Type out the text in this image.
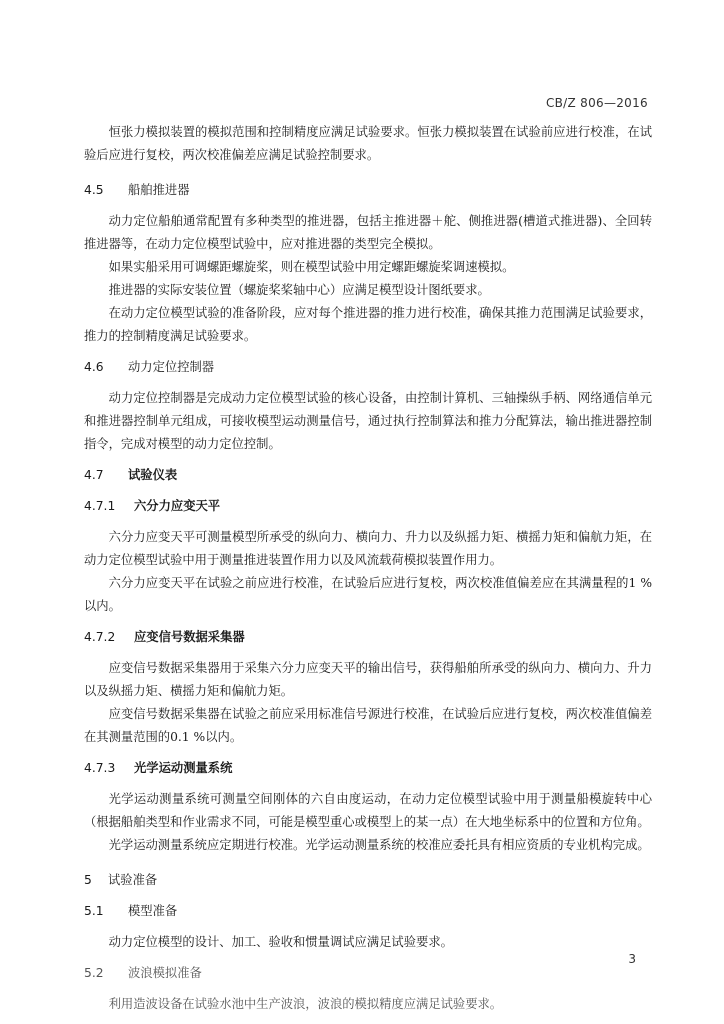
CB/Z 806—2016

恒张力模拟装置的模拟范围和控制精度应满足试验要求。恒张力模拟装置在试验前应进行校准，在试验后应进行复校，两次校准偏差应满足试验控制要求。

4.5 船舶推进器

动力定位船舶通常配置有多种类型的推进器，包括主推进器＋舵、侧推进器(槽道式推进器)、全回转推进器等，在动力定位模型试验中，应对推进器的类型完全模拟。

如果实船采用可调螺距螺旋桨，则在模型试验中用定螺距螺旋桨调速模拟。

推进器的实际安装位置（螺旋桨桨轴中心）应满足模型设计图纸要求。

在动力定位模型试验的准备阶段，应对每个推进器的推力进行校准，确保其推力范围满足试验要求，推力的控制精度满足试验要求。

4.6 动力定位控制器

动力定位控制器是完成动力定位模型试验的核心设备，由控制计算机、三轴操纵手柄、网络通信单元和推进器控制单元组成，可接收模型运动测量信号，通过执行控制算法和推力分配算法，输出推进器控制指令，完成对模型的动力定位控制。

4.7 试验仪表
4.7.1 六分力应变天平

六分力应变天平可测量模型所承受的纵向力、横向力、升力以及纵摇力矩、横摇力矩和偏航力矩，在动力定位模型试验中用于测量推进装置作用力以及风流载荷模拟装置作用力。

六分力应变天平在试验之前应进行校准，在试验后应进行复校，两次校准值偏差应在其满量程的1 %以内。

4.7.2 应变信号数据采集器

应变信号数据采集器用于采集六分力应变天平的输出信号，获得船舶所承受的纵向力、横向力、升力以及纵摇力矩、横摇力矩和偏航力矩。

应变信号数据采集器在试验之前应采用标准信号源进行校准，在试验后应进行复校，两次校准值偏差在其测量范围的0.1 %以内。

4.7.3 光学运动测量系统

光学运动测量系统可测量空间刚体的六自由度运动，在动力定位模型试验中用于测量船模旋转中心（根据船舶类型和作业需求不同，可能是模型重心或模型上的某一点）在大地坐标系中的位置和方位角。

光学运动测量系统应定期进行校准。光学运动测量系统的校准应委托具有相应资质的专业机构完成。

5 试验准备
5.1 模型准备

动力定位模型的设计、加工、验收和惯量调试应满足试验要求。

5.2 波浪模拟准备

利用造波设备在试验水池中生产波浪，波浪的模拟精度应满足试验要求。

3
